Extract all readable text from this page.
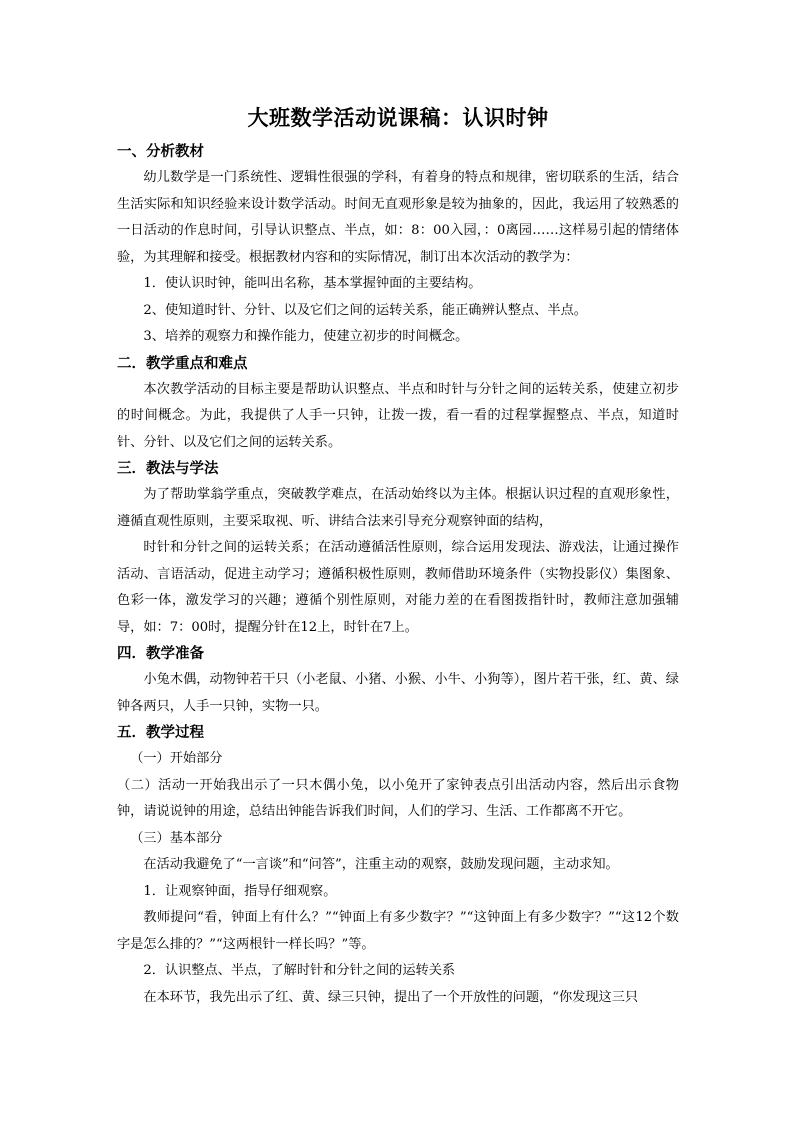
大班数学活动说课稿：认识时钟
一、分析教材

幼儿数学是一门系统性、逻辑性很强的学科，有着身的特点和规律，密切联系的生活，结合生活实际和知识经验来设计数学活动。时间无直观形象是较为抽象的，因此，我运用了较熟悉的一日活动的作息时间，引导认识整点、半点，如：8：00入园，：0离园……这样易引起的情绪体验，为其理解和接受。根据教材内容和的实际情况，制订出本次活动的教学为：

1．使认识时钟，能叫出名称，基本掌握钟面的主要结构。

2、使知道时针、分针、以及它们之间的运转关系，能正确辨认整点、半点。

3、培养的观察力和操作能力，使建立初步的时间概念。

二．教学重点和难点

本次教学活动的目标主要是帮助认识整点、半点和时针与分针之间的运转关系，使建立初步的时间概念。为此，我提供了人手一只钟，让拨一拨，看一看的过程掌握整点、半点，知道时针、分针、以及它们之间的运转关系。

三．教法与学法

为了帮助掌翁学重点，突破教学难点，在活动始终以为主体。根据认识过程的直观形象性，遵循直观性原则，主要采取视、听、讲结合法来引导充分观察钟面的结构，

时针和分针之间的运转关系；在活动遵循活性原则，综合运用发现法、游戏法，让通过操作活动、言语活动，促进主动学习；遵循积极性原则，教师借助环境条件（实物投影仪）集图象、色彩一体，激发学习的兴趣；遵循个别性原则，对能力差的在看图拨指针时，教师注意加强辅导，如：7：00时，提醒分针在12上，时针在7上。

四．教学准备

小兔木偶，动物钟若干只（小老鼠、小猪、小猴、小牛、小狗等），图片若干张，红、黄、绿钟各两只，人手一只钟，实物一只。

五．教学过程

（一）开始部分

（二）活动一开始我出示了一只木偶小兔，以小兔开了家钟表点引出活动内容，然后出示食物钟，请说说钟的用途，总结出钟能告诉我们时间，人们的学习、生活、工作都离不开它。

（三）基本部分

在活动我避免了“一言谈”和“问答”，注重主动的观察，鼓励发现问题，主动求知。

1．让观察钟面，指导仔细观察。

教师提问“看，钟面上有什么？”“钟面上有多少数字？”“这钟面上有多少数字？”“这12个数字是怎么排的？”“这两根针一样长吗？”等。

2．认识整点、半点，了解时针和分针之间的运转关系

在本环节，我先出示了红、黄、绿三只钟，提出了一个开放性的问题，“你发现这三只
